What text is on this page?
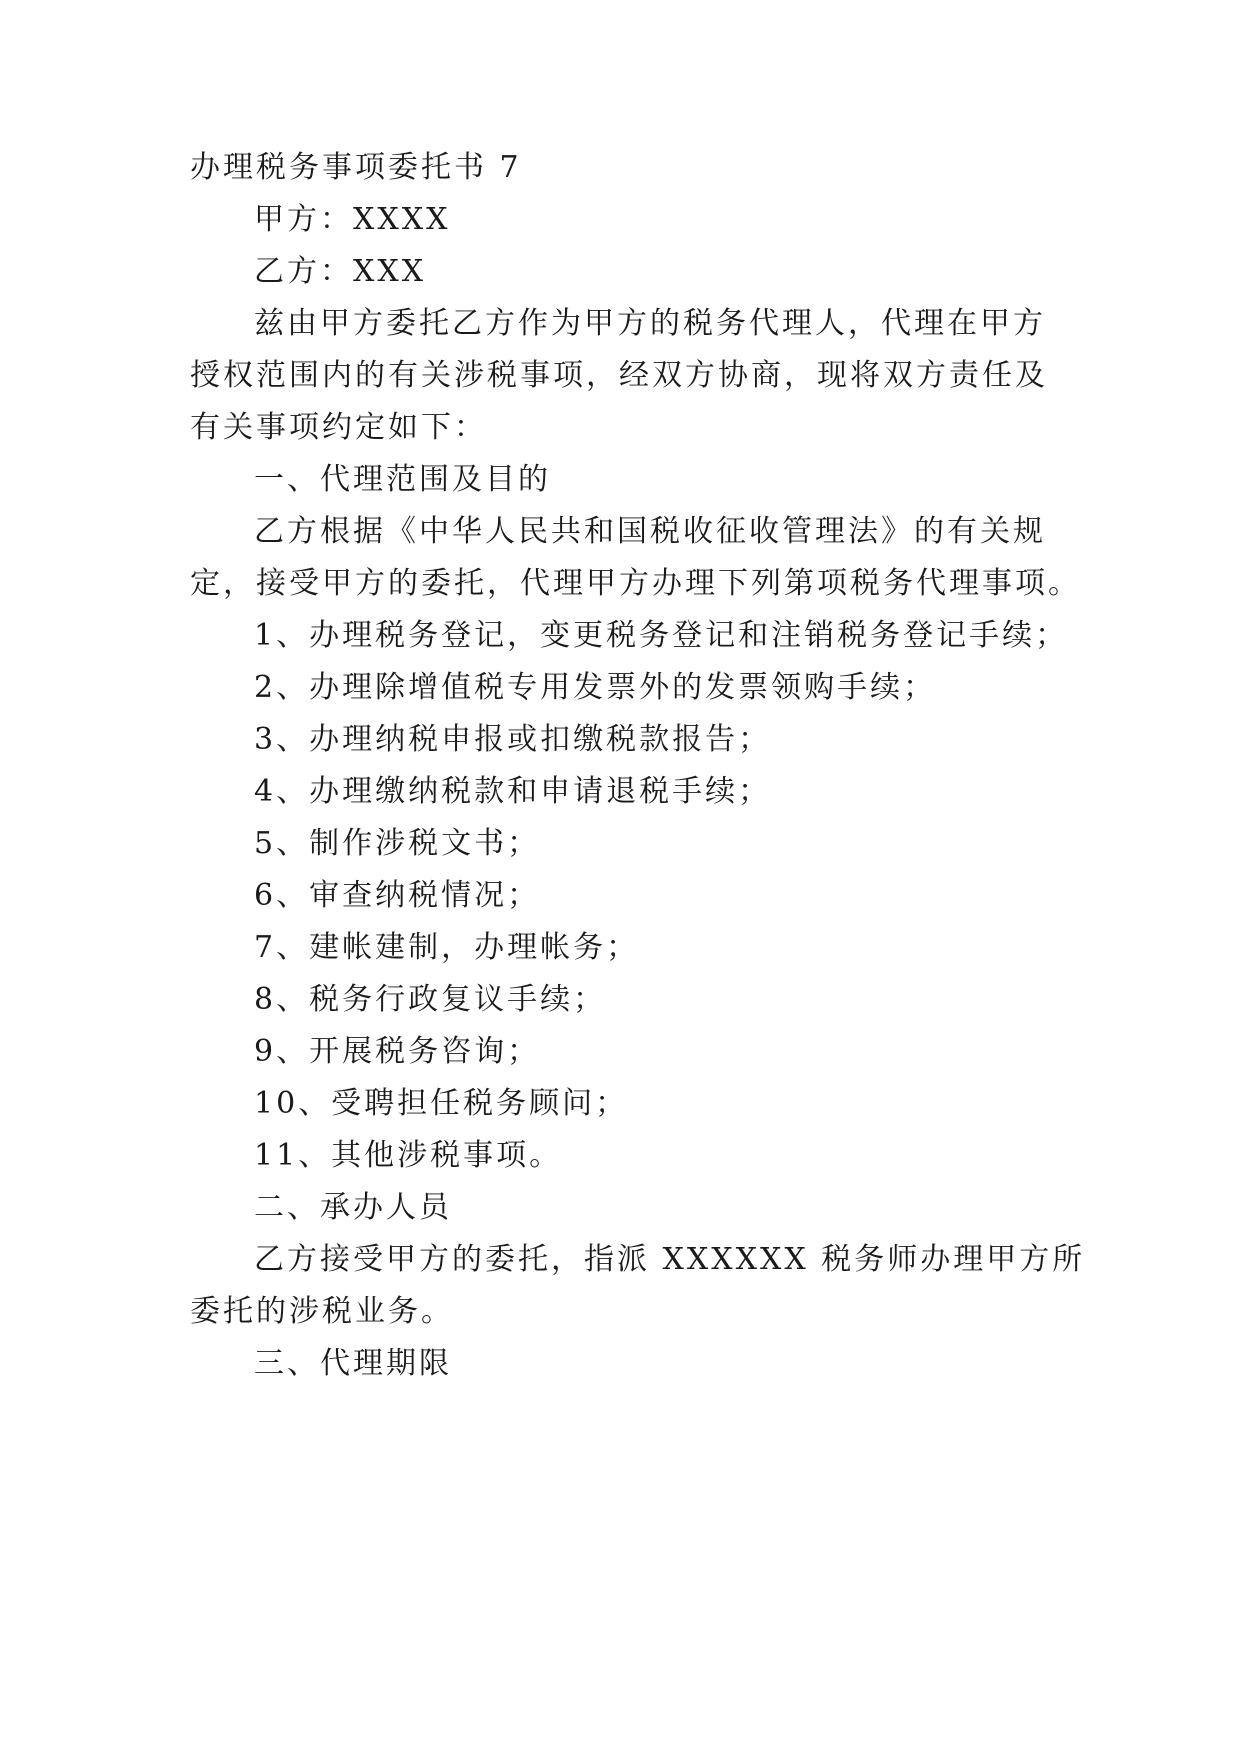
办理税务事项委托书 7
甲方：XXXX
乙方：XXX
兹由甲方委托乙方作为甲方的税务代理人，代理在甲方
授权范围内的有关涉税事项，经双方协商，现将双方责任及
有关事项约定如下：
一、代理范围及目的
乙方根据《中华人民共和国税收征收管理法》的有关规
定，接受甲方的委托，代理甲方办理下列第项税务代理事项。
1、办理税务登记，变更税务登记和注销税务登记手续；
2、办理除增值税专用发票外的发票领购手续；
3、办理纳税申报或扣缴税款报告；
4、办理缴纳税款和申请退税手续；
5、制作涉税文书；
6、审查纳税情况；
7、建帐建制，办理帐务；
8、税务行政复议手续；
9、开展税务咨询；
10、受聘担任税务顾问；
11、其他涉税事项。
二、承办人员
乙方接受甲方的委托，指派 XXXXXX 税务师办理甲方所
委托的涉税业务。
三、代理期限
